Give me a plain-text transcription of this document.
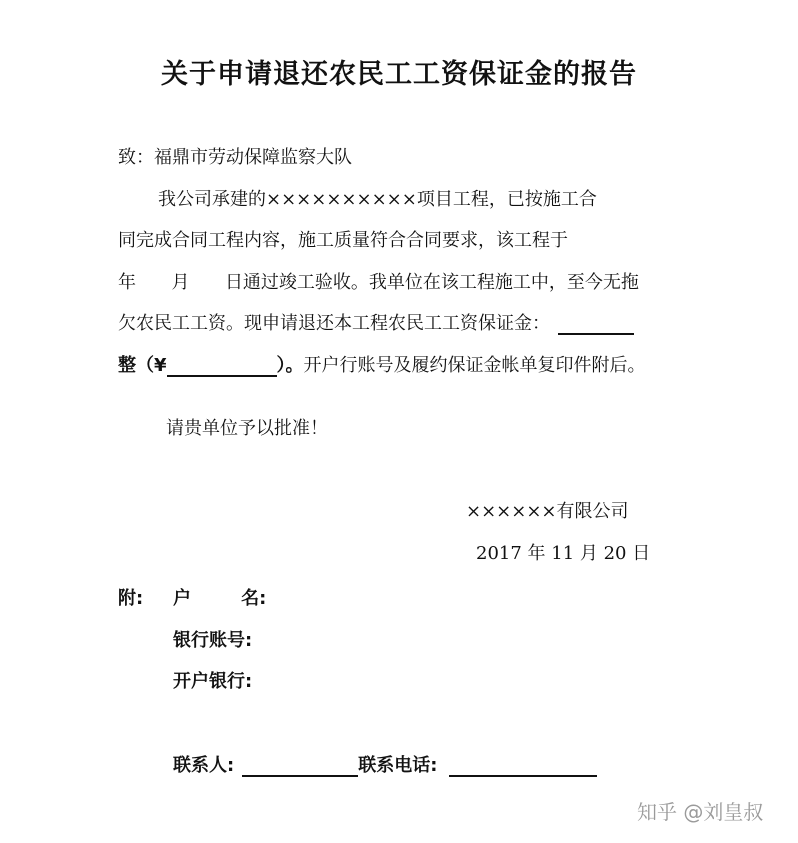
关于申请退还农民工工资保证金的报告
致：福鼎市劳动保障监察大队
我公司承建的××××××××××项目工程，已按施工合
同完成合同工程内容，施工质量符合合同要求，该工程于
年 月 日通过竣工验收。我单位在该工程施工中，至今无拖
欠农民工工资。现申请退还本工程农民工工资保证金：
整（¥	）。开户行账号及履约保证金帐单复印件附后。
请贵单位予以批准！
××××××有限公司
2017 年 11 月 20 日
附: 户        名:
银行账号:
开户银行:
联系人:	联系电话:
知乎 @刘皇叔
